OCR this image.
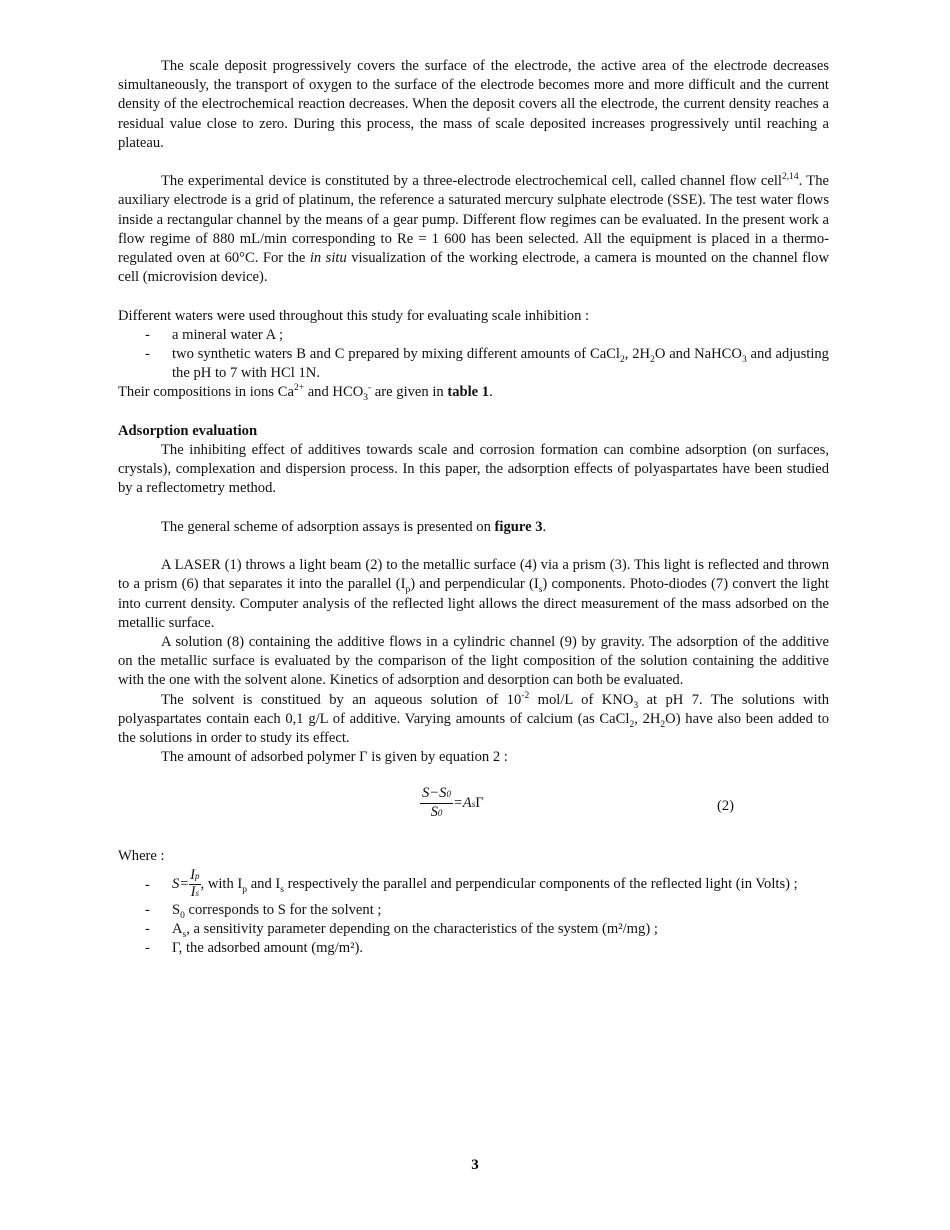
The scale deposit progressively covers the surface of the electrode, the active area of the electrode decreases simultaneously, the transport of oxygen to the surface of the electrode becomes more and more difficult and the current density of the electrochemical reaction decreases. When the deposit covers all the electrode, the current density reaches a residual value close to zero. During this process, the mass of scale deposited increases progressively until reaching a plateau.

The experimental device is constituted by a three-electrode electrochemical cell, called channel flow cell$^{2,14}$. The auxiliary electrode is a grid of platinum, the reference a saturated mercury sulphate electrode (SSE). The test water flows inside a rectangular channel by the means of a gear pump. Different flow regimes can be evaluated. In the present work a flow regime of 880 mL/min corresponding to Re = 1 600 has been selected. All the equipment is placed in a thermo-regulated oven at 60°C. For the in situ visualization of the working electrode, a camera is mounted on the channel flow cell (microvision device).

Different waters were used throughout this study for evaluating scale inhibition :

- a mineral water A ;
- two synthetic waters B and C prepared by mixing different amounts of CaCl$_2$, $2H_2O$ and NaHCO$_3$ and adjusting the pH to 7 with HCl 1N.

Their compositions in ions $Ca^{2+}$ and $HCO_3^-$ are given in table 1.

Adsorption evaluation

The inhibiting effect of additives towards scale and corrosion formation can combine adsorption (on surfaces, crystals), complexation and dispersion process. In this paper, the adsorption effects of polyaspartates have been studied by a reflectometry method.

The general scheme of adsorption assays is presented on figure 3.

A LASER (1) throws a light beam (2) to the metallic surface (4) via a prism (3). This light is reflected and thrown to a prism (6) that separates it into the parallel $(I_p)$ and perpendicular $(I_s)$ components. Photo-diodes (7) convert the light into current density. Computer analysis of the reflected light allows the direct measurement of the mass adsorbed on the metallic surface.

A solution (8) containing the additive flows in a cylindric channel (9) by gravity. The adsorption of the additive on the metallic surface is evaluated by the comparison of the light composition of the solution containing the additive with the one with the solvent alone. Kinetics of adsorption and desorption can both be evaluated.

The solvent is constitued by an aqueous solution of $10^{-2}$ mol/L of $KNO_3$ at pH 7. The solutions with polyaspartates contain each 0,1 g/L of additive. Varying amounts of calcium (as CaCl$_2$, $2H_2O$) have also been added to the solutions in order to study its effect.

The amount of adsorbed polymer Γ is given by equation 2 :

$\frac{S-S0}{S0} =As\Gamma$	(2)

Where :

- $S= \frac{Ip}{Is}$ , with $I_p$ and $I_s$ respectively the parallel and perpendicular components of the reflected light (in Volts) ;
- $S_0$ corresponds to S for the solvent ;
- $A_s$, a sensitivity parameter depending on the characteristics of the system (m²/mg) ;
- Γ, the adsorbed amount (mg/m²).
3
